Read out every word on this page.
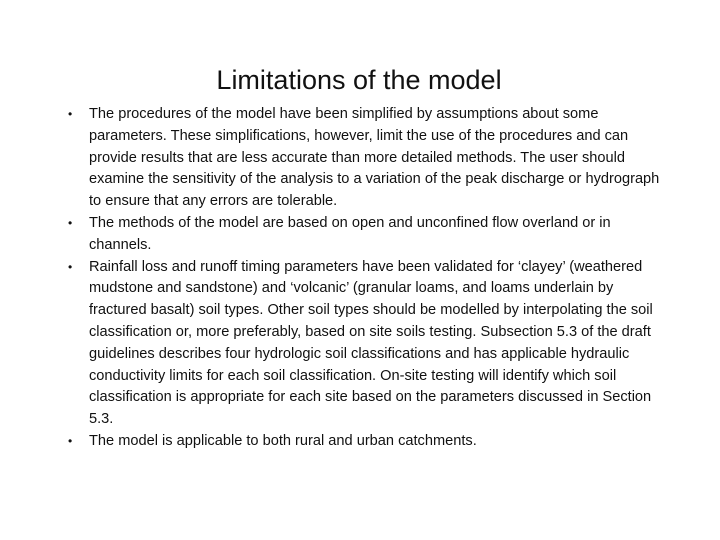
Limitations of the model
•	The procedures of the model have been simplified by assumptions about some parameters. These simplifications, however, limit the use of the procedures and can provide results that are less accurate than more detailed methods. The user should examine the sensitivity of the analysis to a variation of the peak discharge or hydrograph to ensure that any errors are tolerable.
•	The methods of the model are based on open and unconfined flow overland or in channels.
•	Rainfall loss and runoff timing parameters have been validated for ‘clayey’ (weathered mudstone and sandstone) and ‘volcanic’ (granular loams, and loams underlain by fractured basalt) soil types. Other soil types should be modelled by interpolating the soil classification or, more preferably, based on site soils testing. Subsection 5.3 of the draft guidelines describes four hydrologic soil classifications and has applicable hydraulic conductivity limits for each soil classification. On-site testing will identify which soil classification is appropriate for each site based on the parameters discussed in Section 5.3.
•	The model is applicable to both rural and urban catchments.
